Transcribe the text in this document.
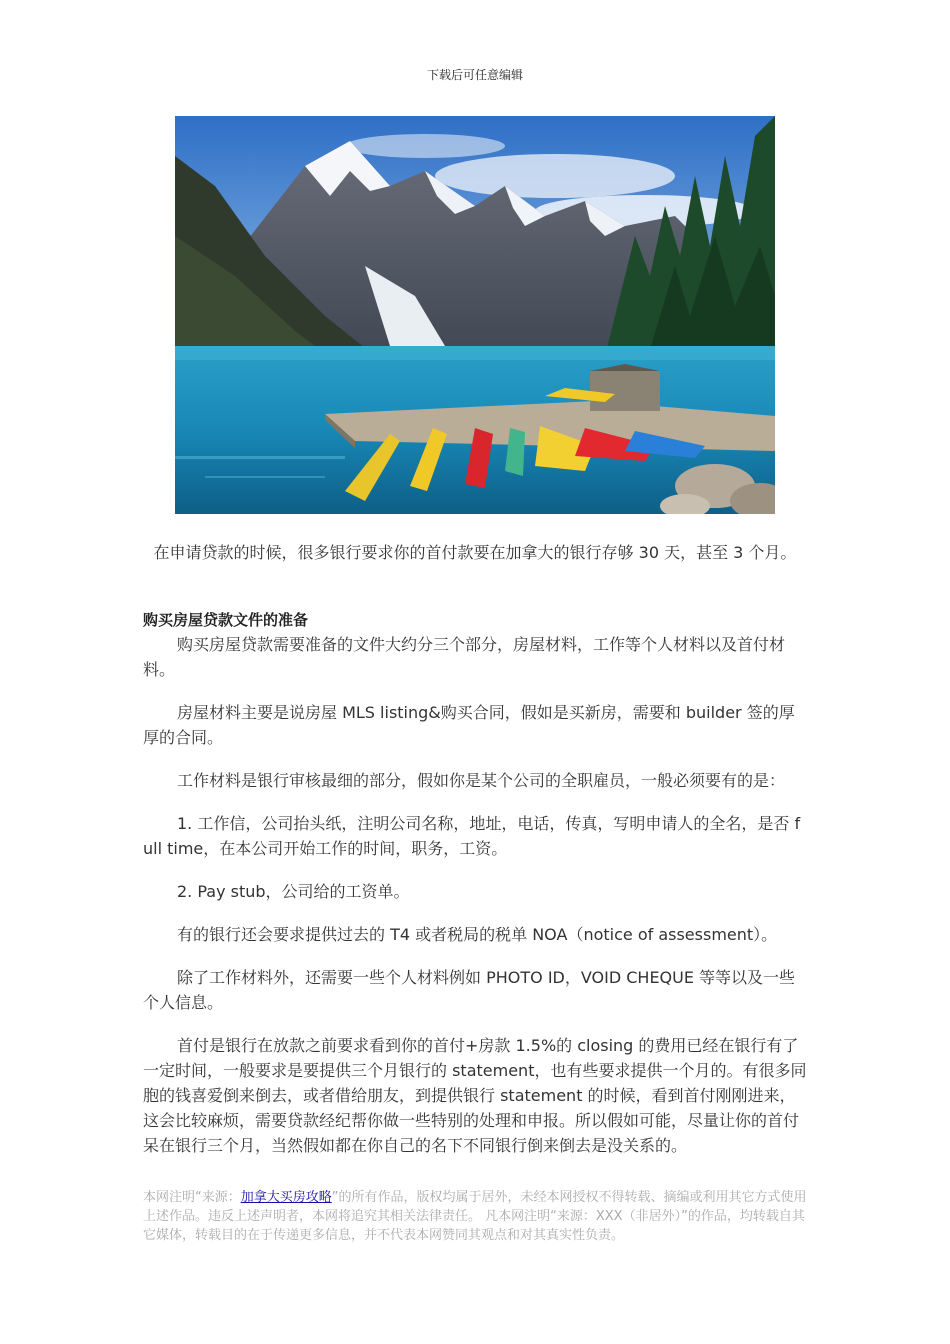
下载后可任意编辑
在申请贷款的时候，很多银行要求你的首付款要在加拿大的银行存够 30 天，甚至 3 个月。
购买房屋贷款文件的准备

购买房屋贷款需要准备的文件大约分三个部分，房屋材料，工作等个人材料以及首付材料。

房屋材料主要是说房屋 MLS listing&购买合同，假如是买新房，需要和 builder 签的厚厚的合同。

工作材料是银行审核最细的部分，假如你是某个公司的全职雇员，一般必须要有的是：

1. 工作信，公司抬头纸，注明公司名称，地址，电话，传真，写明申请人的全名，是否 full time，在本公司开始工作的时间，职务，工资。

2. Pay stub，公司给的工资单。

有的银行还会要求提供过去的 T4 或者税局的税单 NOA（notice of assessment）。

除了工作材料外，还需要一些个人材料例如 PHOTO ID，VOID CHEQUE 等等以及一些个人信息。

首付是银行在放款之前要求看到你的首付+房款 1.5%的 closing 的费用已经在银行有了一定时间，一般要求是要提供三个月银行的 statement，也有些要求提供一个月的。有很多同胞的钱喜爱倒来倒去，或者借给朋友，到提供银行 statement 的时候，看到首付刚刚进来，这会比较麻烦，需要贷款经纪帮你做一些特别的处理和申报。所以假如可能，尽量让你的首付呆在银行三个月，当然假如都在你自己的名下不同银行倒来倒去是没关系的。

本网注明“来源：加拿大买房攻略”的所有作品，版权均属于居外，未经本网授权不得转载、摘编或利用其它方式使用上述作品。违反上述声明者，本网将追究其相关法律责任。 凡本网注明“来源：XXX（非居外）”的作品，均转载自其它媒体，转载目的在于传递更多信息，并不代表本网赞同其观点和对其真实性负责。
